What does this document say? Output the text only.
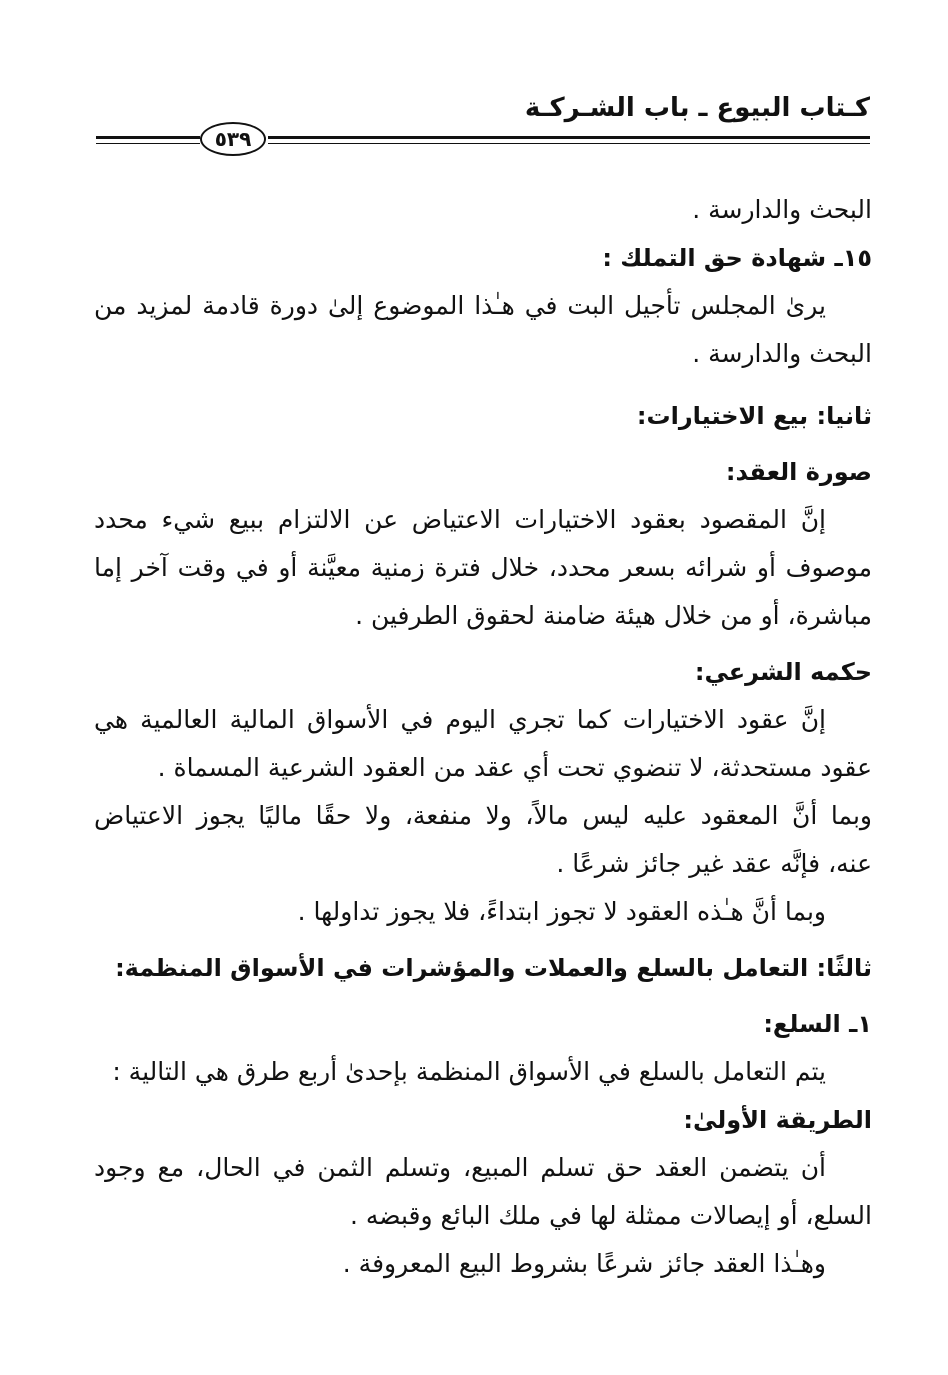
كـتاب البيوع ـ باب الشـركـة
٥٣٩
البحث والدارسة .
١٥ـ شهادة حق التملك :
يرىٰ المجلس تأجيل البت في هـٰذا الموضوع إلىٰ دورة قادمة لمزيد من
البحث والدارسة .
ثانيا: بيع الاختيارات:
صورة العقد:
إنَّ المقصود بعقود الاختيارات الاعتياض عن الالتزام ببيع شيء محدد
موصوف أو شرائه بسعر محدد، خلال فترة زمنية معيَّنة أو في وقت آخر إما
مباشرة، أو من خلال هيئة ضامنة لحقوق الطرفين .
حكمه الشرعي:
إنَّ عقود الاختيارات كما تجري اليوم في الأسواق المالية العالمية هي
عقود مستحدثة، لا تنضوي تحت أي عقد من العقود الشرعية المسماة .
وبما أنَّ المعقود عليه ليس مالاً، ولا منفعة، ولا حقًا ماليًا يجوز الاعتياض
عنه، فإنَّه عقد غير جائز شرعًا .
وبما أنَّ هـٰذه العقود لا تجوز ابتداءً، فلا يجوز تداولها .
ثالثًا: التعامل بالسلع والعملات والمؤشرات في الأسواق المنظمة:
١ـ السلع:
يتم التعامل بالسلع في الأسواق المنظمة بإحدىٰ أربع طرق هي التالية :
الطريقة الأولىٰ:
أن يتضمن العقد حق تسلم المبيع، وتسلم الثمن في الحال، مع وجود
السلع، أو إيصالات ممثلة لها في ملك البائع وقبضه .
وهـٰذا العقد جائز شرعًا بشروط البيع المعروفة .
